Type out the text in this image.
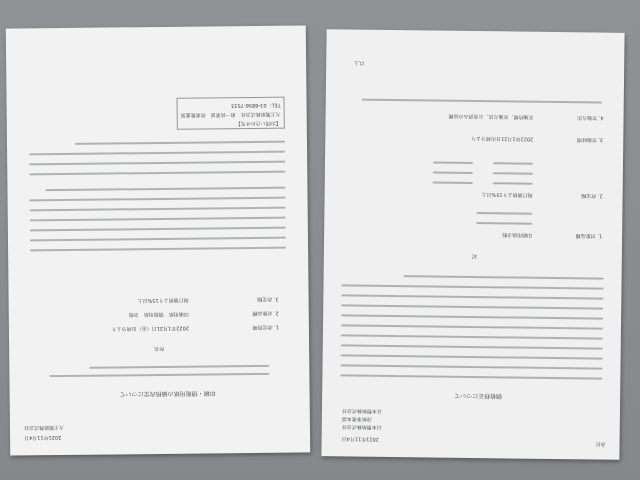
2021年11月4日
大王製紙株式会社
印刷・情報用紙の価格改定について
件名
1. 改定時期
2022年1月21日（金）出荷分より
2. 対象品種
印刷用紙　情報用紙　全般
3. 改定幅
現行価格より15%以上
【お問い合わせ先】
大王製紙株式会社　第一営業部　営業推進部
TEL：03-6856-7533
各位
2021年11月4日
日本製紙株式会社
洋紙事業本部
日本製紙株式会社
価格修正について
記
1. 対象品種
印刷用紙全般
2. 改定幅
現行価格より15%以上
3. 実施時期
2022年1月21日出荷分より
4. 実施方法
実施時期、実施方法、公表済みの品種
以上
